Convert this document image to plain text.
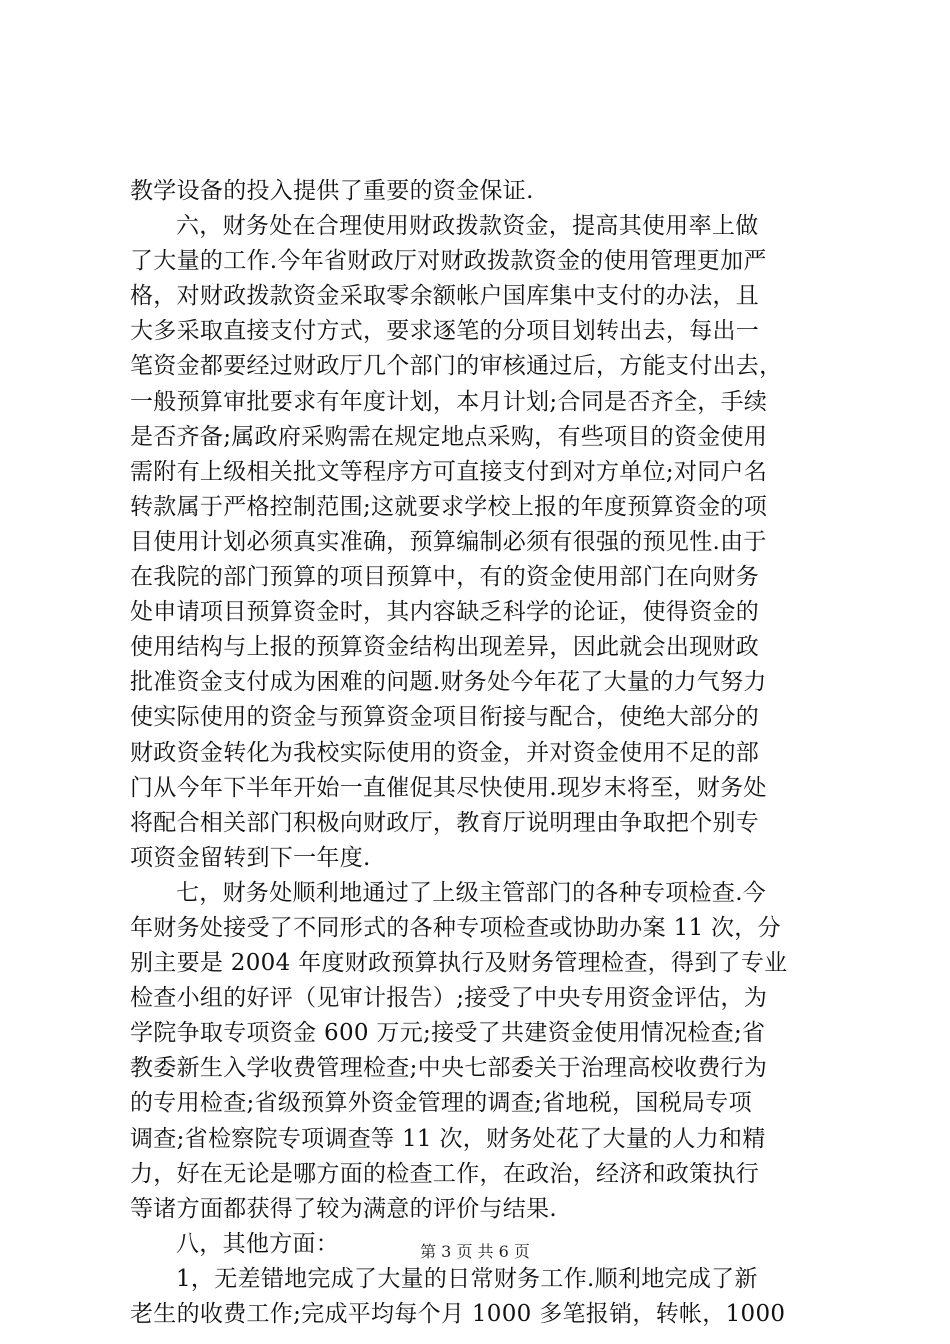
教学设备的投入提供了重要的资金保证.
六，财务处在合理使用财政拨款资金，提高其使用率上做
了大量的工作.今年省财政厅对财政拨款资金的使用管理更加严
格，对财政拨款资金采取零余额帐户国库集中支付的办法，且
大多采取直接支付方式，要求逐笔的分项目划转出去，每出一
笔资金都要经过财政厅几个部门的审核通过后，方能支付出去，
一般预算审批要求有年度计划，本月计划;合同是否齐全，手续
是否齐备;属政府采购需在规定地点采购，有些项目的资金使用
需附有上级相关批文等程序方可直接支付到对方单位;对同户名
转款属于严格控制范围;这就要求学校上报的年度预算资金的项
目使用计划必须真实准确，预算编制必须有很强的预见性.由于
在我院的部门预算的项目预算中，有的资金使用部门在向财务
处申请项目预算资金时，其内容缺乏科学的论证，使得资金的
使用结构与上报的预算资金结构出现差异，因此就会出现财政
批准资金支付成为困难的问题.财务处今年花了大量的力气努力
使实际使用的资金与预算资金项目衔接与配合，使绝大部分的
财政资金转化为我校实际使用的资金，并对资金使用不足的部
门从今年下半年开始一直催促其尽快使用.现岁末将至，财务处
将配合相关部门积极向财政厅，教育厅说明理由争取把个别专
项资金留转到下一年度.
七，财务处顺利地通过了上级主管部门的各种专项检查.今
年财务处接受了不同形式的各种专项检查或协助办案 11 次，分
别主要是 2004 年度财政预算执行及财务管理检查，得到了专业
检查小组的好评（见审计报告）;接受了中央专用资金评估，为
学院争取专项资金 600 万元;接受了共建资金使用情况检查;省
教委新生入学收费管理检查;中央七部委关于治理高校收费行为
的专用检查;省级预算外资金管理的调查;省地税，国税局专项
调查;省检察院专项调查等 11 次，财务处花了大量的人力和精
力，好在无论是哪方面的检查工作，在政治，经济和政策执行
等诸方面都获得了较为满意的评价与结果.
八，其他方面：
1，无差错地完成了大量的日常财务工作.顺利地完成了新
老生的收费工作;完成平均每个月 1000 多笔报销，转帐，1000
第 3 页 共 6 页
